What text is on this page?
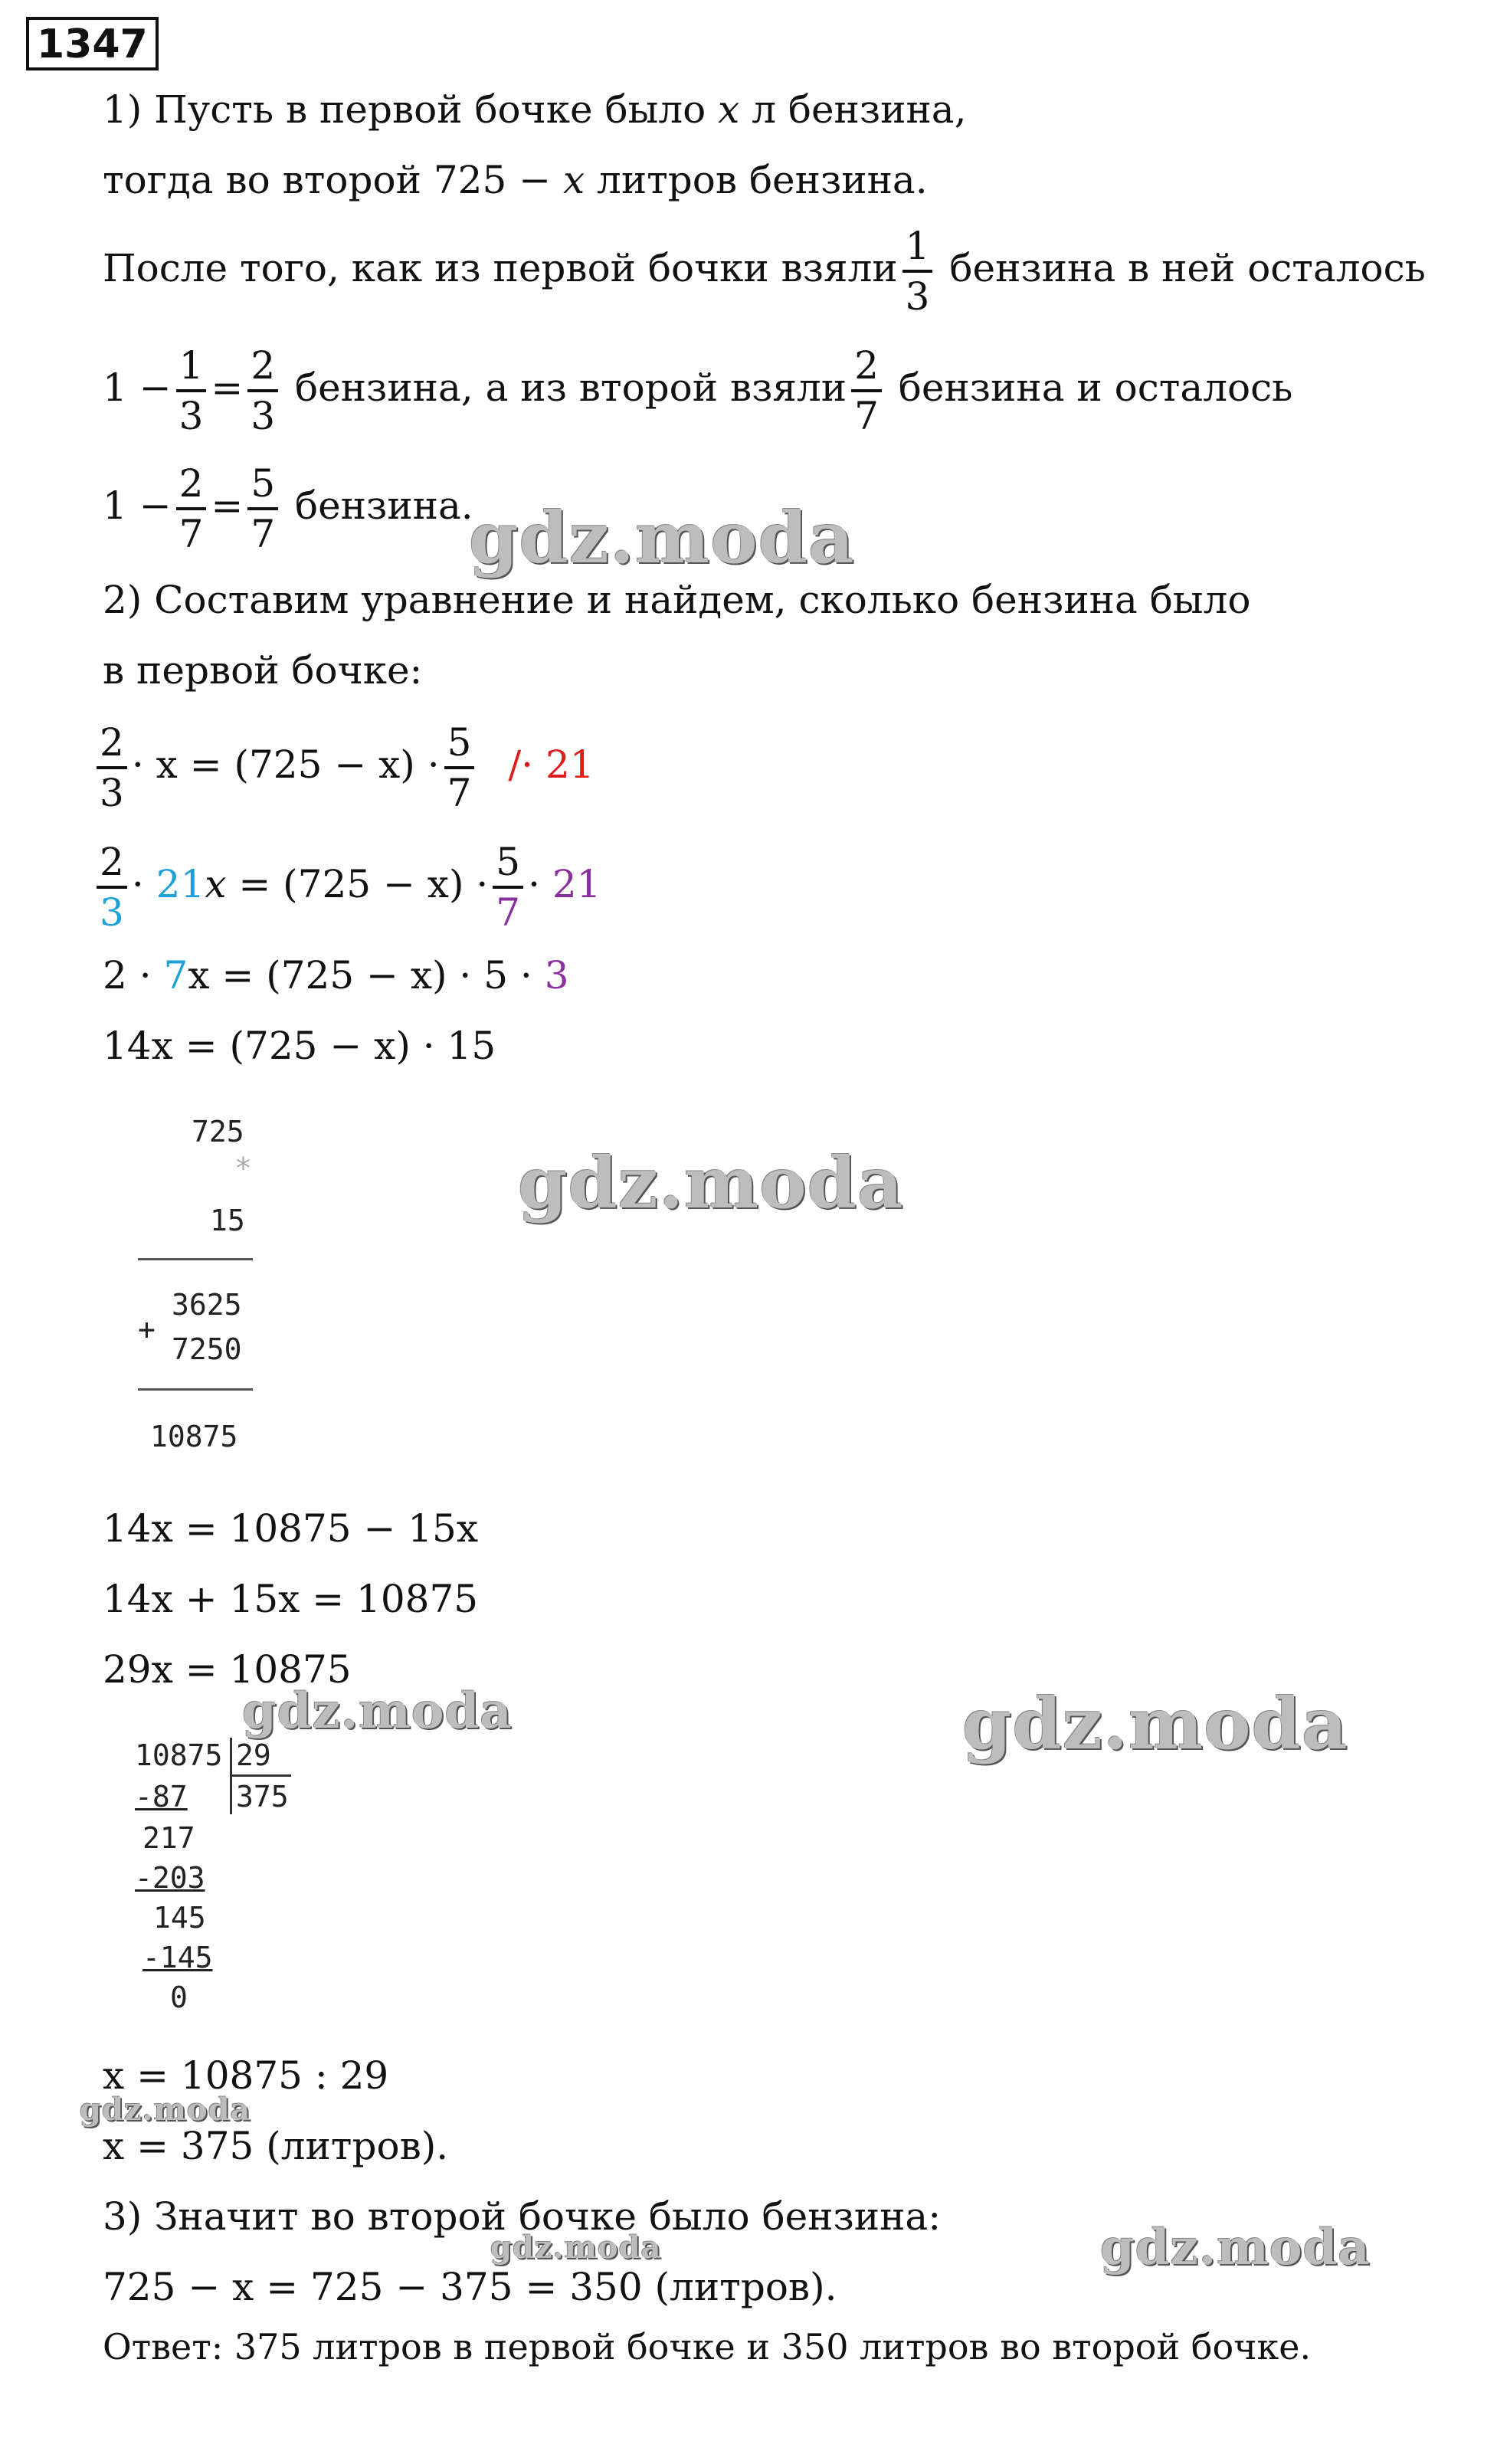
1347
1) Пусть в первой бочке было x л бензина,
тогда во второй 725 − x литров бензина.
После того, как из первой бочки взяли $\frac{1}{3}$ бензина в ней осталось
$1 - \frac{1}{3} = \frac{2}{3}$ бензина, а из второй взяли $\frac{2}{7}$ бензина и осталось
$1 - \frac{2}{7} = \frac{5}{7}$ бензина.
2) Составим уравнение и найдем, сколько бензина было
в первой бочке:
$\frac{2}{3} \cdot x = (725 - x) \cdot \frac{5}{7} /\cdot 21$
$\frac{2}{3} \cdot 21x = (725 - x) \cdot \frac{5}{7} \cdot 21$
2 · 7x = (725 − x) · 5 · 3
14x = (725 − x) · 15
725
*
15
3625
+
7250
10875
14x = 10875 − 15x
14x + 15x = 10875
29x = 10875
10875 29
375
-87
217
-203
145
-145
0
x = 10875 : 29
x = 375 (литров).
3) Значит во второй бочке было бензина:
725 − x = 725 − 375 = 350 (литров).
Ответ: 375 литров в первой бочке и 350 литров во второй бочке.
gdz.moda
gdz.moda
gdz.moda	gdz.moda
gdz.moda
gdz.moda	gdz.moda
